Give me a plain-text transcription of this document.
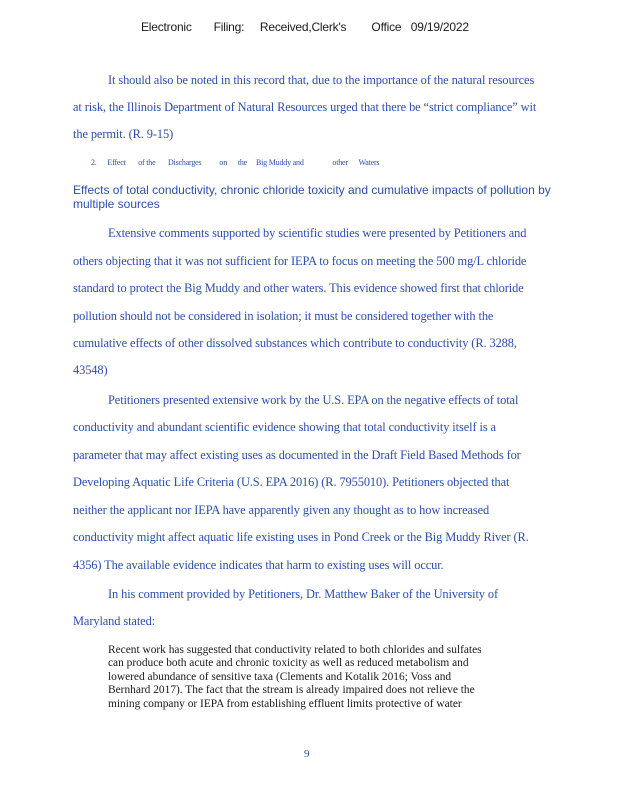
Electronic       Filing:     Received,Clerk's        Office   09/19/2022
It should also be noted in this record that, due to the importance of the natural resources
at risk, the Illinois Department of Natural Resources urged that there be “strict compliance” wit
the permit. (R. 9-15)
2.      Effect       of the       Discharges          on      the     Big Muddy and                other      Waters
Effects of total conductivity, chronic chloride toxicity and cumulative impacts of pollution by multiple sources
Extensive comments supported by scientific studies were presented by Petitioners and
others objecting that it was not sufficient for IEPA to focus on meeting the 500 mg/L chloride
standard to protect the Big Muddy and other waters. This evidence showed first that chloride
pollution should not be considered in isolation; it must be considered together with the
cumulative effects of other dissolved substances which contribute to conductivity (R. 3288,
43548)
Petitioners presented extensive work by the U.S. EPA on the negative effects of total
conductivity and abundant scientific evidence showing that total conductivity itself is a
parameter that may affect existing uses as documented in the Draft Field Based Methods for
Developing Aquatic Life Criteria (U.S. EPA 2016) (R. 7955010). Petitioners objected that
neither the applicant nor IEPA have apparently given any thought as to how increased
conductivity might affect aquatic life existing uses in Pond Creek or the Big Muddy River (R.
4356) The available evidence indicates that harm to existing uses will occur.
In his comment provided by Petitioners, Dr. Matthew Baker of the University of
Maryland stated:
Recent work has suggested that conductivity related to both chlorides and sulfates
can produce both acute and chronic toxicity as well as reduced metabolism and
lowered abundance of sensitive taxa (Clements and Kotalik 2016; Voss and
Bernhard 2017). The fact that the stream is already impaired does not relieve the
mining company or IEPA from establishing effluent limits protective of water
9
